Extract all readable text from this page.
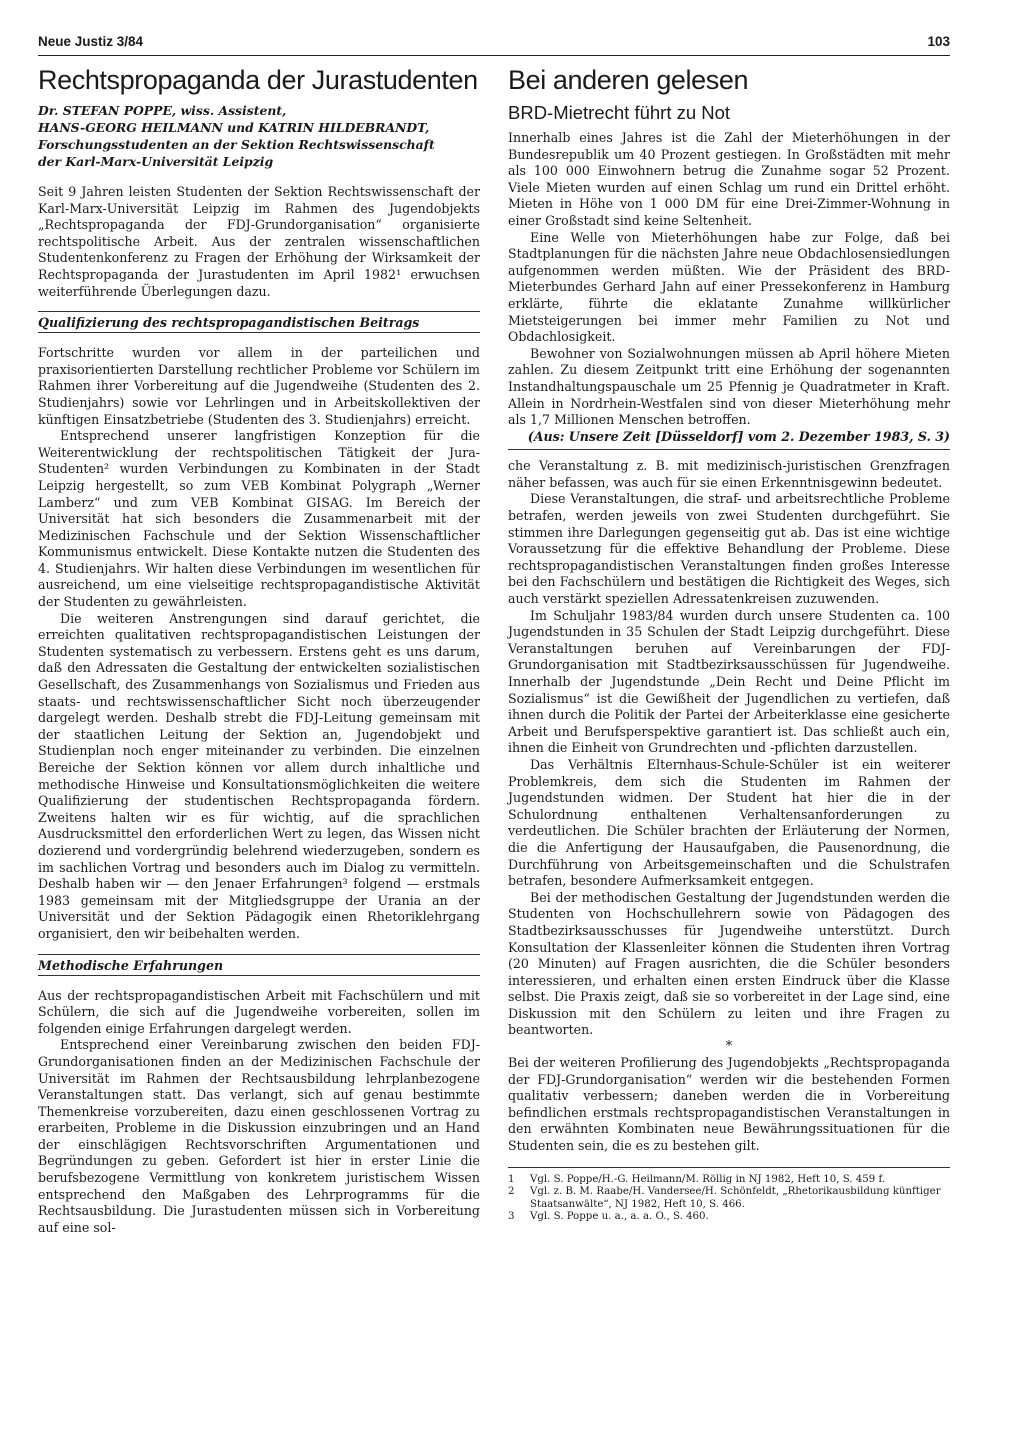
Neue Justiz 3/84	103
Rechtspropaganda der Jurastudenten
Dr. STEFAN POPPE, wiss. Assistent,
HANS-GEORG HEILMANN und KATRIN HILDEBRANDT,
Forschungsstudenten an der Sektion Rechtswissenschaft
der Karl-Marx-Universität Leipzig

Seit 9 Jahren leisten Studenten der Sektion Rechtswissenschaft der Karl-Marx-Universität Leipzig im Rahmen des Jugendobjekts „Rechtspropaganda der FDJ-Grundorganisation“ organisierte rechtspolitische Arbeit. Aus der zentralen wissenschaftlichen Studentenkonferenz zu Fragen der Erhöhung der Wirksamkeit der Rechtspropaganda der Jurastudenten im April 1982¹ erwuchsen weiterführende Überlegungen dazu.

Qualifizierung des rechtspropagandistischen Beitrags

Fortschritte wurden vor allem in der parteilichen und praxisorientierten Darstellung rechtlicher Probleme vor Schülern im Rahmen ihrer Vorbereitung auf die Jugendweihe (Studenten des 2. Studienjahrs) sowie vor Lehrlingen und in Arbeitskollektiven der künftigen Einsatzbetriebe (Studenten des 3. Studienjahrs) erreicht.

Entsprechend unserer langfristigen Konzeption für die Weiterentwicklung der rechtspolitischen Tätigkeit der Jura-Studenten² wurden Verbindungen zu Kombinaten in der Stadt Leipzig hergestellt, so zum VEB Kombinat Polygraph „Werner Lamberz“ und zum VEB Kombinat GISAG. Im Bereich der Universität hat sich besonders die Zusammenarbeit mit der Medizinischen Fachschule und der Sektion Wissenschaftlicher Kommunismus entwickelt. Diese Kontakte nutzen die Studenten des 4. Studienjahrs. Wir halten diese Verbindungen im wesentlichen für ausreichend, um eine vielseitige rechtspropagandistische Aktivität der Studenten zu gewährleisten.

Die weiteren Anstrengungen sind darauf gerichtet, die erreichten qualitativen rechtspropagandistischen Leistungen der Studenten systematisch zu verbessern. Erstens geht es uns darum, daß den Adressaten die Gestaltung der entwickelten sozialistischen Gesellschaft, des Zusammenhangs von Sozialismus und Frieden aus staats- und rechtswissenschaftlicher Sicht noch überzeugender dargelegt werden. Deshalb strebt die FDJ-Leitung gemeinsam mit der staatlichen Leitung der Sektion an, Jugendobjekt und Studienplan noch enger miteinander zu verbinden. Die einzelnen Bereiche der Sektion können vor allem durch inhaltliche und methodische Hinweise und Konsultationsmöglichkeiten die weitere Qualifizierung der studentischen Rechtspropaganda fördern. Zweitens halten wir es für wichtig, auf die sprachlichen Ausdrucksmittel den erforderlichen Wert zu legen, das Wissen nicht dozierend und vordergründig belehrend wiederzugeben, sondern es im sachlichen Vortrag und besonders auch im Dialog zu vermitteln. Deshalb haben wir — den Jenaer Erfahrungen³ folgend — erstmals 1983 gemeinsam mit der Mitgliedsgruppe der Urania an der Universität und der Sektion Pädagogik einen Rhetoriklehrgang organisiert, den wir beibehalten werden.

Methodische Erfahrungen

Aus der rechtspropagandistischen Arbeit mit Fachschülern und mit Schülern, die sich auf die Jugendweihe vorbereiten, sollen im folgenden einige Erfahrungen dargelegt werden.

Entsprechend einer Vereinbarung zwischen den beiden FDJ-Grundorganisationen finden an der Medizinischen Fachschule der Universität im Rahmen der Rechtsausbildung lehrplanbezogene Veranstaltungen statt. Das verlangt, sich auf genau bestimmte Themenkreise vorzubereiten, dazu einen geschlossenen Vortrag zu erarbeiten, Probleme in die Diskussion einzubringen und an Hand der einschlägigen Rechtsvorschriften Argumentationen und Begründungen zu geben. Gefordert ist hier in erster Linie die berufsbezogene Vermittlung von konkretem juristischem Wissen entsprechend den Maßgaben des Lehrprogramms für die Rechtsausbildung. Die Jurastudenten müssen sich in Vorbereitung auf eine sol-

Bei anderen gelesen
BRD-Mietrecht führt zu Not

Innerhalb eines Jahres ist die Zahl der Mieterhöhungen in der Bundesrepublik um 40 Prozent gestiegen. In Großstädten mit mehr als 100 000 Einwohnern betrug die Zunahme sogar 52 Prozent. Viele Mieten wurden auf einen Schlag um rund ein Drittel erhöht. Mieten in Höhe von 1 000 DM für eine Drei-Zimmer-Wohnung in einer Großstadt sind keine Seltenheit.

Eine Welle von Mieterhöhungen habe zur Folge, daß bei Stadtplanungen für die nächsten Jahre neue Obdachlosensiedlungen aufgenommen werden müßten. Wie der Präsident des BRD-Mieterbundes Gerhard Jahn auf einer Pressekonferenz in Hamburg erklärte, führte die eklatante Zunahme willkürlicher Mietsteigerungen bei immer mehr Familien zu Not und Obdachlosigkeit.

Bewohner von Sozialwohnungen müssen ab April höhere Mieten zahlen. Zu diesem Zeitpunkt tritt eine Erhöhung der sogenannten Instandhaltungspauschale um 25 Pfennig je Quadratmeter in Kraft. Allein in Nordrhein-Westfalen sind von dieser Mieterhöhung mehr als 1,7 Millionen Menschen betroffen.

(Aus: Unsere Zeit [Düsseldorf] vom 2. Dezember 1983, S. 3)

che Veranstaltung z. B. mit medizinisch-juristischen Grenzfragen näher befassen, was auch für sie einen Erkenntnisgewinn bedeutet.

Diese Veranstaltungen, die straf- und arbeitsrechtliche Probleme betrafen, werden jeweils von zwei Studenten durchgeführt. Sie stimmen ihre Darlegungen gegenseitig gut ab. Das ist eine wichtige Voraussetzung für die effektive Behandlung der Probleme. Diese rechtspropagandistischen Veranstaltungen finden großes Interesse bei den Fachschülern und bestätigen die Richtigkeit des Weges, sich auch verstärkt speziellen Adressatenkreisen zuzuwenden.

Im Schuljahr 1983/84 wurden durch unsere Studenten ca. 100 Jugendstunden in 35 Schulen der Stadt Leipzig durchgeführt. Diese Veranstaltungen beruhen auf Vereinbarungen der FDJ-Grundorganisation mit Stadtbezirksausschüssen für Jugendweihe. Innerhalb der Jugendstunde „Dein Recht und Deine Pflicht im Sozialismus“ ist die Gewißheit der Jugendlichen zu vertiefen, daß ihnen durch die Politik der Partei der Arbeiterklasse eine gesicherte Arbeit und Berufsperspektive garantiert ist. Das schließt auch ein, ihnen die Einheit von Grundrechten und -pflichten darzustellen.

Das Verhältnis Elternhaus-Schule-Schüler ist ein weiterer Problemkreis, dem sich die Studenten im Rahmen der Jugendstunden widmen. Der Student hat hier die in der Schulordnung enthaltenen Verhaltensanforderungen zu verdeutlichen. Die Schüler brachten der Erläuterung der Normen, die die Anfertigung der Hausaufgaben, die Pausenordnung, die Durchführung von Arbeitsgemeinschaften und die Schulstrafen betrafen, besondere Aufmerksamkeit entgegen.

Bei der methodischen Gestaltung der Jugendstunden werden die Studenten von Hochschullehrern sowie von Pädagogen des Stadtbezirksausschusses für Jugendweihe unterstützt. Durch Konsultation der Klassenleiter können die Studenten ihren Vortrag (20 Minuten) auf Fragen ausrichten, die die Schüler besonders interessieren, und erhalten einen ersten Eindruck über die Klasse selbst. Die Praxis zeigt, daß sie so vorbereitet in der Lage sind, eine Diskussion mit den Schülern zu leiten und ihre Fragen zu beantworten.

*

Bei der weiteren Profilierung des Jugendobjekts „Rechtspropaganda der FDJ-Grundorganisation“ werden wir die bestehenden Formen qualitativ verbessern; daneben werden die in Vorbereitung befindlichen erstmals rechtspropagandistischen Veranstaltungen in den erwähnten Kombinaten neue Bewährungssituationen für die Studenten sein, die es zu bestehen gilt.

1	Vgl. S. Poppe/H.-G. Heilmann/M. Röllig in NJ 1982, Heft 10, S. 459 f.
2	Vgl. z. B. M. Raabe/H. Vandersee/H. Schönfeldt, „Rhetorikausbildung künftiger Staatsanwälte“, NJ 1982, Heft 10, S. 466.
3	Vgl. S. Poppe u. a., a. a. O., S. 460.
